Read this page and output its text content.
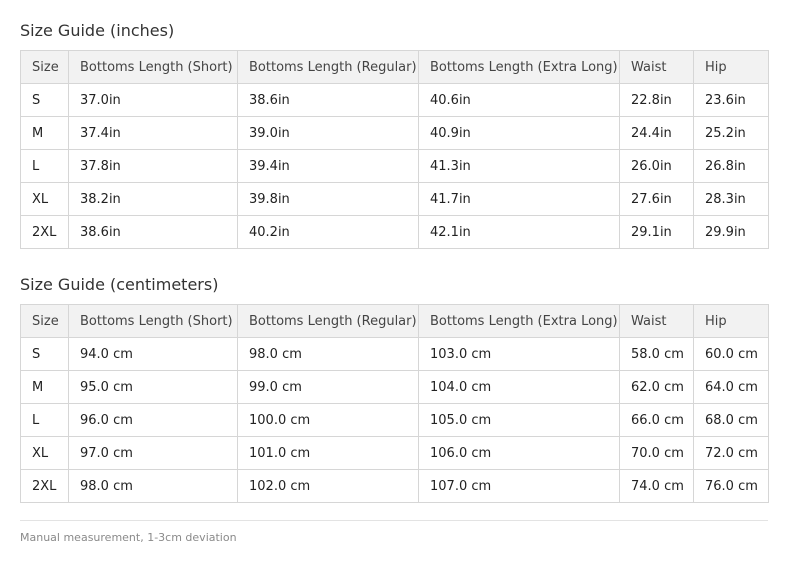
Size Guide (inches)
Size	Bottoms Length (Short)	Bottoms Length (Regular)	Bottoms Length (Extra Long)	Waist	Hip
S	37.0in	38.6in	40.6in	22.8in	23.6in
M	37.4in	39.0in	40.9in	24.4in	25.2in
L	37.8in	39.4in	41.3in	26.0in	26.8in
XL	38.2in	39.8in	41.7in	27.6in	28.3in
2XL	38.6in	40.2in	42.1in	29.1in	29.9in
Size Guide (centimeters)
Size	Bottoms Length (Short)	Bottoms Length (Regular)	Bottoms Length (Extra Long)	Waist	Hip
S	94.0 cm	98.0 cm	103.0 cm	58.0 cm	60.0 cm
M	95.0 cm	99.0 cm	104.0 cm	62.0 cm	64.0 cm
L	96.0 cm	100.0 cm	105.0 cm	66.0 cm	68.0 cm
XL	97.0 cm	101.0 cm	106.0 cm	70.0 cm	72.0 cm
2XL	98.0 cm	102.0 cm	107.0 cm	74.0 cm	76.0 cm
Manual measurement, 1-3cm deviation
